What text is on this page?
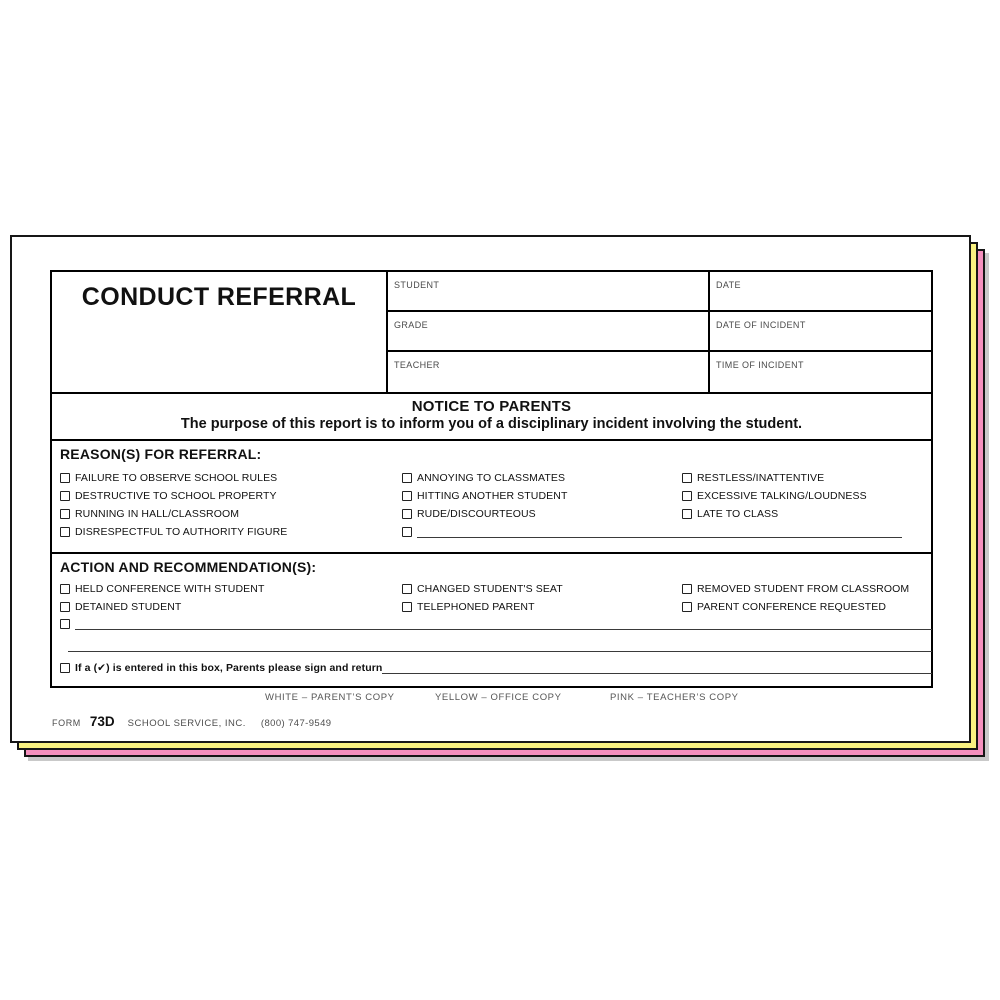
CONDUCT REFERRAL	STUDENT	DATE
GRADE	DATE OF INCIDENT
TEACHER	TIME OF INCIDENT
NOTICE TO PARENTS
The purpose of this report is to inform you of a disciplinary incident involving the student.
REASON(S) FOR REFERRAL:
FAILURE TO OBSERVE SCHOOL RULES
DESTRUCTIVE TO SCHOOL PROPERTY
RUNNING IN HALL/CLASSROOM
DISRESPECTFUL TO AUTHORITY FIGURE
ANNOYING TO CLASSMATES
HITTING ANOTHER STUDENT
RUDE/DISCOURTEOUS
RESTLESS/INATTENTIVE
EXCESSIVE TALKING/LOUDNESS
LATE TO CLASS
ACTION AND RECOMMENDATION(S):
HELD CONFERENCE WITH STUDENT
DETAINED STUDENT
CHANGED STUDENT'S SEAT
TELEPHONED PARENT
REMOVED STUDENT FROM CLASSROOM
PARENT CONFERENCE REQUESTED
If a (✔) is entered in this box, Parents please sign and return
WHITE – PARENT’S COPY	YELLOW – OFFICE COPY	PINK – TEACHER’S COPY
FORM 73D SCHOOL SERVICE, INC. (800) 747-9549
